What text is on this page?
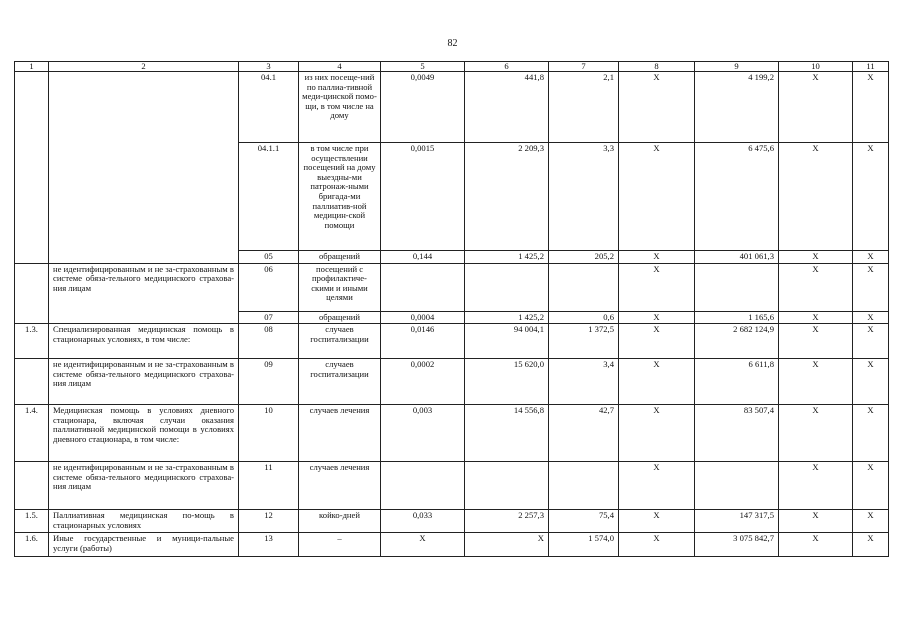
82
1	2	3	4	5	6	7	8	9	10	11
		04.1	из них посеще-ний по паллиа-тивной меди-цинской помо-щи, в том числе на дому	0,0049	441,8	2,1	X	4 199,2	X	X
		04.1.1	в том числе при осуществлении посещений на дому выездны-ми патронаж-ными бригада-ми паллиатив-ной медицин-ской помощи	0,0015	2 209,3	3,3	X	6 475,6	X	X
		05	обращений	0,144	1 425,2	205,2	X	401 061,3	X	X
	не идентифицированным и не за-страхованным в системе обяза-тельного медицинского страхова-ния лицам	06	посещений с профилактиче-скими и иными целями				X		X	X
		07	обращений	0,0004	1 425,2	0,6	X	1 165,6	X	X
1.3.	Специализированная медицинская помощь в стационарных условиях, в том числе:	08	случаев госпитализации	0,0146	94 004,1	1 372,5	X	2 682 124,9	X	X
	не идентифицированным и не за-страхованным в системе обяза-тельного медицинского страхова-ния лицам	09	случаев госпитализации	0,0002	15 620,0	3,4	X	6 611,8	X	X
1.4.	Медицинская помощь в условиях дневного стационара, включая случаи оказания паллиативной медицинской помощи в условиях дневного стационара, в том числе:	10	случаев лечения	0,003	14 556,8	42,7	X	83 507,4	X	X
	не идентифицированным и не за-страхованным в системе обяза-тельного медицинского страхова-ния лицам	11	случаев лечения				X		X	X
1.5.	Паллиативная медицинская по-мощь в стационарных условиях	12	койко-дней	0,033	2 257,3	75,4	X	147 317,5	X	X
1.6.	Иные государственные и муници-пальные услуги (работы)	13	–	X	X	1 574,0	X	3 075 842,7	X	X
